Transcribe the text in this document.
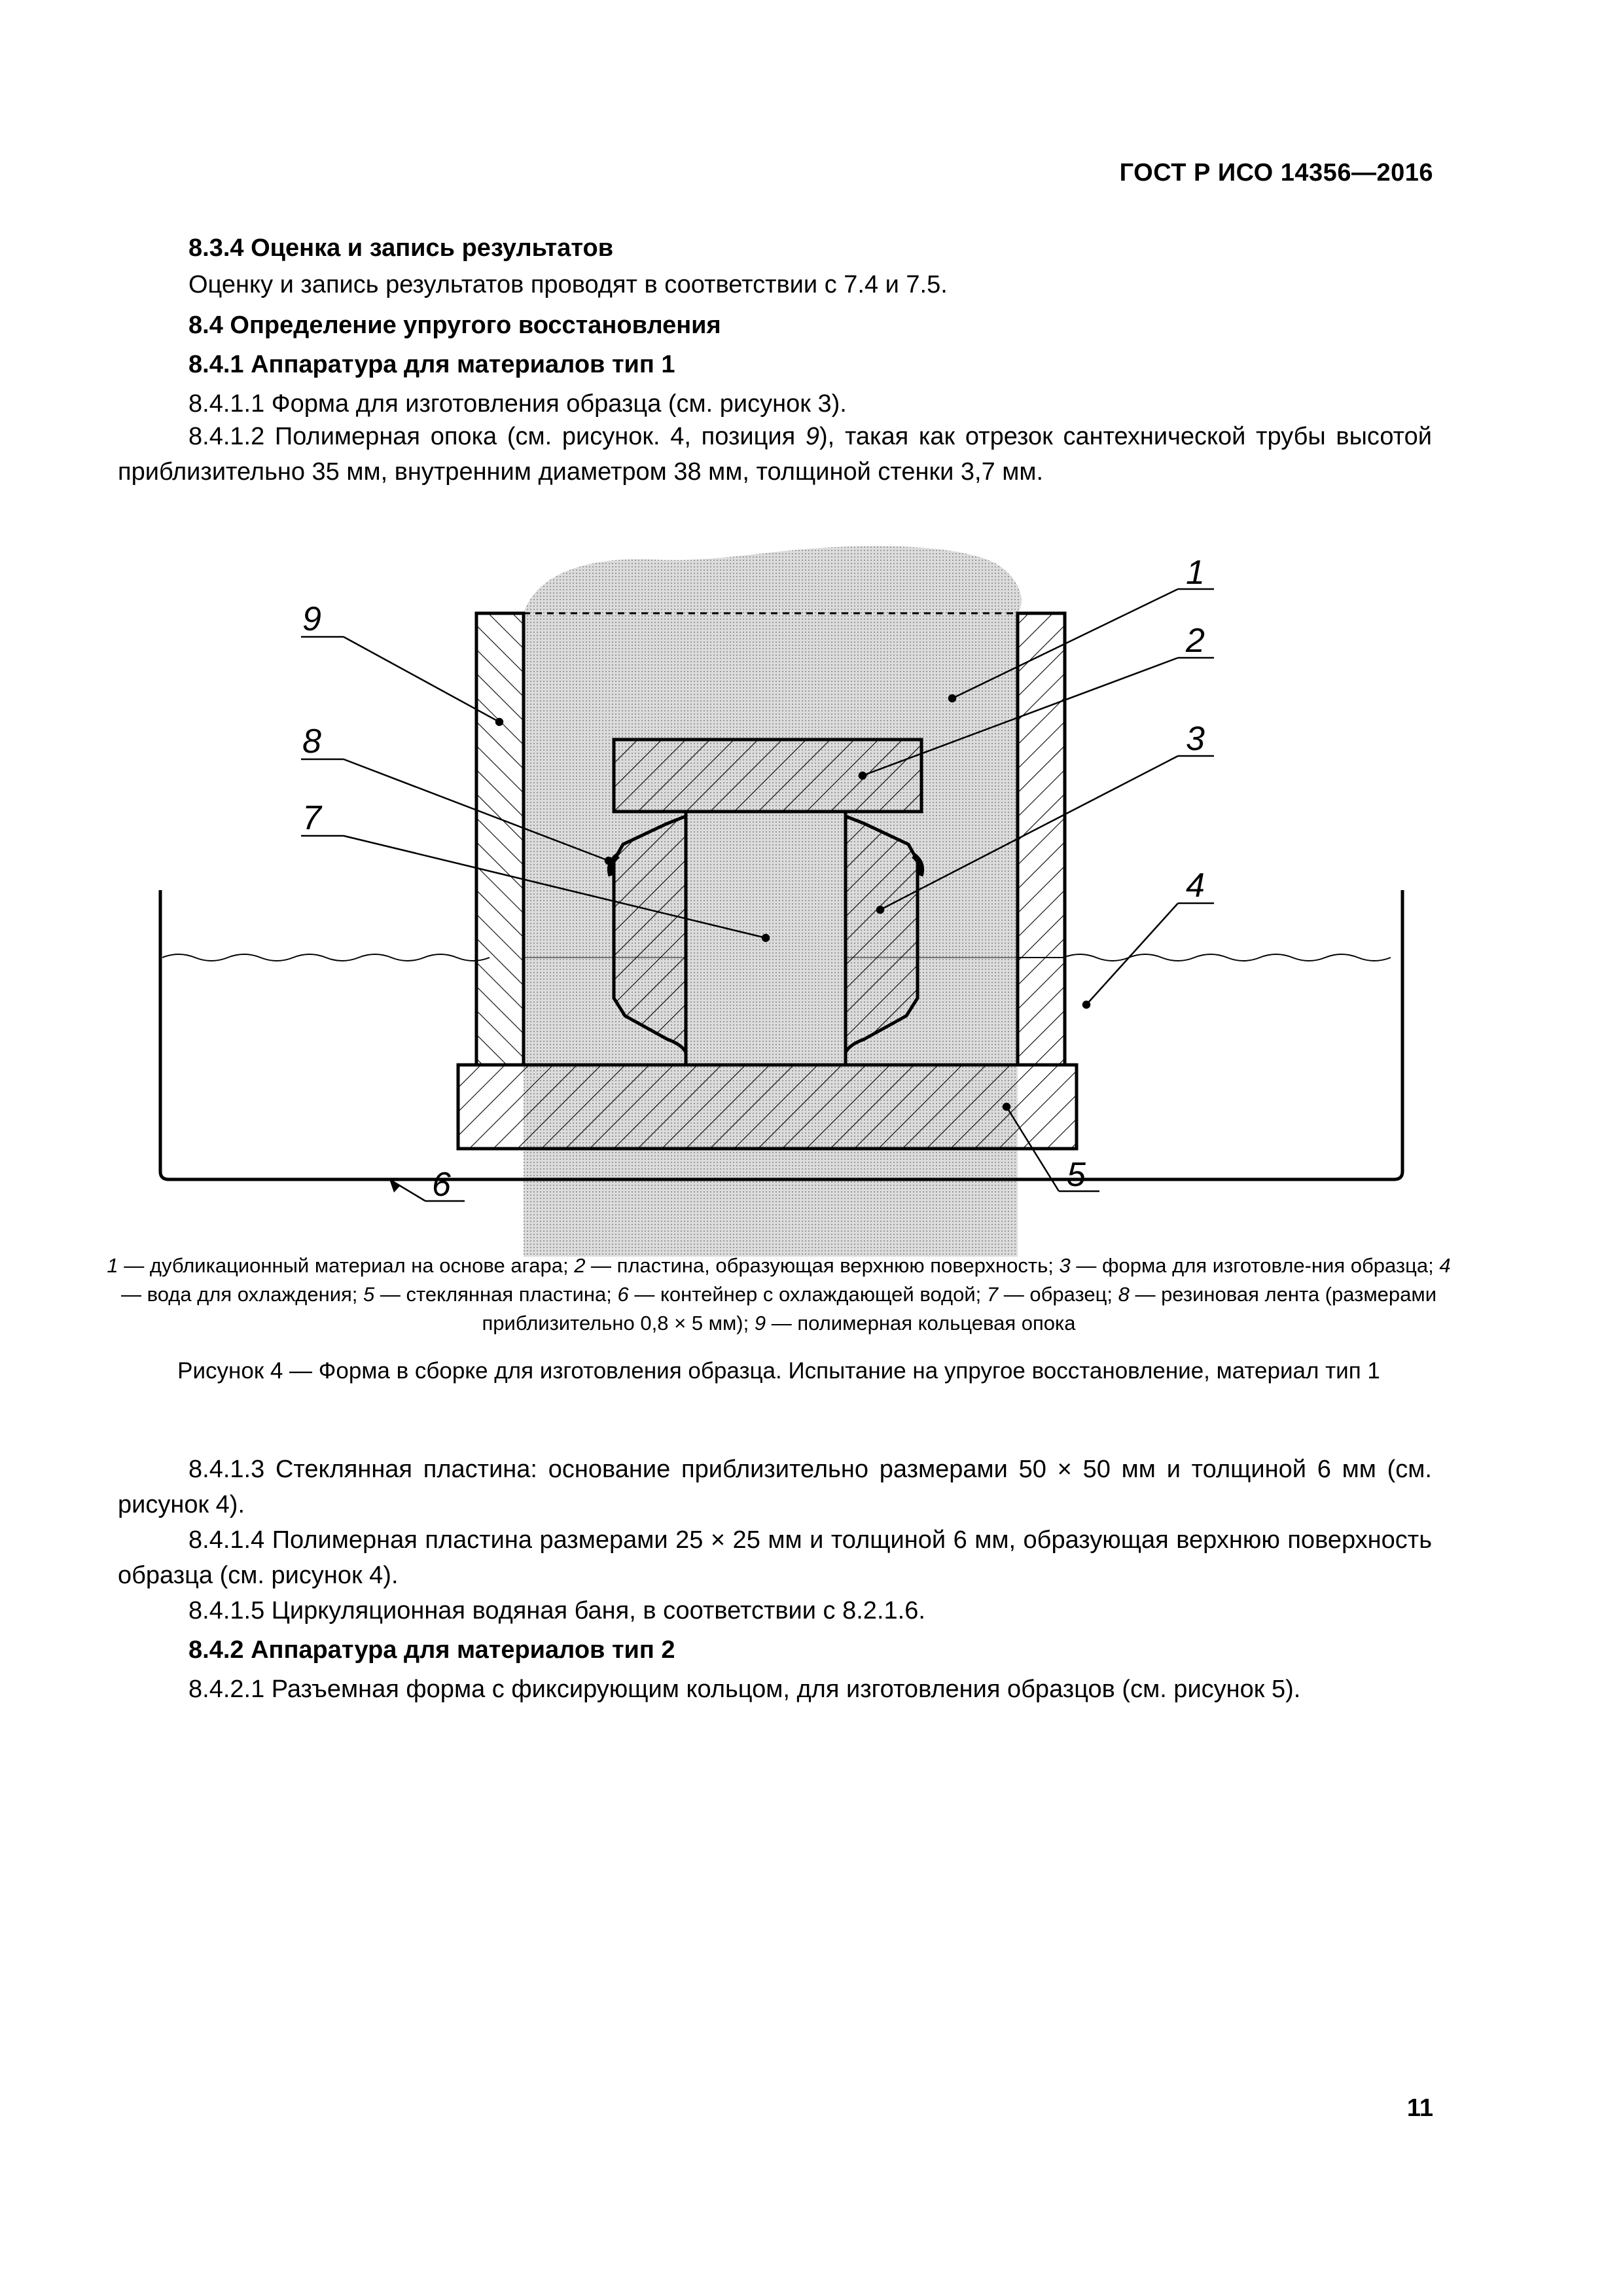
ГОСТ Р ИСО 14356—2016
8.3.4 Оценка и запись результатов
Оценку и запись результатов проводят в соответствии с 7.4 и 7.5.
8.4 Определение упругого восстановления
8.4.1 Аппаратура для материалов тип 1
8.4.1.1 Форма для изготовления образца (см. рисунок 3).
8.4.1.2 Полимерная опока (см. рисунок. 4, позиция 9), такая как отрезок сантехнической трубы высотой приблизительно 35 мм, внутренним диаметром 38 мм, толщиной стенки 3,7 мм.
1
2
3
4
5
6
7
8
9
1 — дубликационный материал на основе агара; 2 — пластина, образующая верхнюю поверхность; 3 — форма для изготовле-ния образца; 4 — вода для охлаждения; 5 — стеклянная пластина; 6 — контейнер с охлаждающей водой; 7 — образец; 8 — резиновая лента (размерами приблизительно 0,8 × 5 мм); 9 — полимерная кольцевая опока
Рисунок 4 — Форма в сборке для изготовления образца. Испытание на упругое восстановление, материал тип 1
8.4.1.3 Стеклянная пластина: основание приблизительно размерами 50 × 50 мм и толщиной 6 мм (см. рисунок 4).
8.4.1.4 Полимерная пластина размерами 25 × 25 мм и толщиной 6 мм, образующая верхнюю поверхность образца (см. рисунок 4).
8.4.1.5 Циркуляционная водяная баня, в соответствии с 8.2.1.6.
8.4.2 Аппаратура для материалов тип 2
8.4.2.1 Разъемная форма с фиксирующим кольцом, для изготовления образцов (см. рисунок 5).
11
